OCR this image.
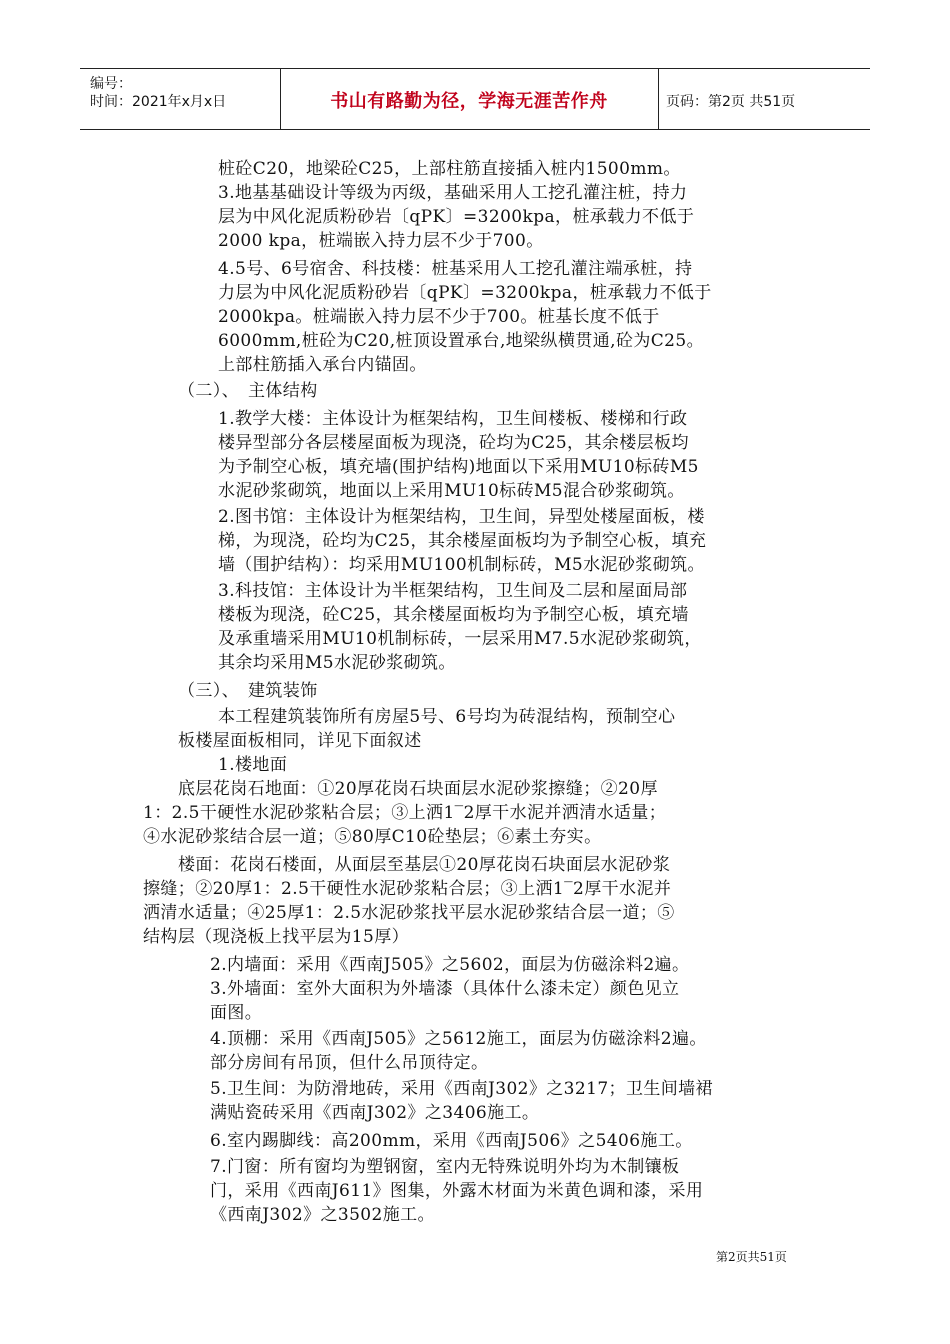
编号：
时间：2021年x月x日	书山有路勤为径，学海无涯苦作舟	页码：第2页 共51页
桩砼C20，地梁砼C25，上部柱筋直接插入桩内1500mm。
3.地基基础设计等级为丙级，基础采用人工挖孔灌注桩，持力
层为中风化泥质粉砂岩〔qPK〕=3200kpa，桩承载力不低于
2000 kpa，桩端嵌入持力层不少于700。
4.5号、6号宿舍、科技楼：桩基采用人工挖孔灌注端承桩，持
力层为中风化泥质粉砂岩〔qPK〕=3200kpa，桩承载力不低于
2000kpa。桩端嵌入持力层不少于700。桩基长度不低于
6000mm,桩砼为C20,桩顶设置承台,地梁纵横贯通,砼为C25。
上部柱筋插入承台内锚固。
（二）、　主体结构
1.教学大楼：主体设计为框架结构，卫生间楼板、楼梯和行政
楼异型部分各层楼屋面板为现浇，砼均为C25，其余楼层板均
为予制空心板，填充墙(围护结构)地面以下采用MU10标砖M5
水泥砂浆砌筑，地面以上采用MU10标砖M5混合砂浆砌筑。
2.图书馆：主体设计为框架结构，卫生间，异型处楼屋面板，楼
梯，为现浇，砼均为C25，其余楼屋面板均为予制空心板，填充
墙（围护结构）：均采用MU100机制标砖，M5水泥砂浆砌筑。
3.科技馆：主体设计为半框架结构，卫生间及二层和屋面局部
楼板为现浇，砼C25，其余楼屋面板均为予制空心板，填充墙
及承重墙采用MU10机制标砖，一层采用M7.5水泥砂浆砌筑，
其余均采用M5水泥砂浆砌筑。
（三）、　建筑装饰
本工程建筑装饰所有房屋5号、6号均为砖混结构，预制空心
板楼屋面板相同，详见下面叙述
1.楼地面
底层花岗石地面：①20厚花岗石块面层水泥砂浆擦缝；②20厚
1：2.5干硬性水泥砂浆粘合层；③上洒1‾2厚干水泥并洒清水适量；
④水泥砂浆结合层一道；⑤80厚C10砼垫层；⑥素土夯实。
楼面：花岗石楼面，从面层至基层①20厚花岗石块面层水泥砂浆
擦缝；②20厚1：2.5干硬性水泥砂浆粘合层；③上洒1‾2厚干水泥并
洒清水适量；④25厚1：2.5水泥砂浆找平层水泥砂浆结合层一道；⑤
结构层（现浇板上找平层为15厚）
2.内墙面：采用《西南J505》之5602，面层为仿磁涂料2遍。
3.外墙面：室外大面积为外墙漆（具体什么漆未定）颜色见立
面图。
4.顶棚：采用《西南J505》之5612施工，面层为仿磁涂料2遍。
部分房间有吊顶，但什么吊顶待定。
5.卫生间：为防滑地砖，采用《西南J302》之3217；卫生间墙裙
满贴瓷砖采用《西南J302》之3406施工。
6.室内踢脚线：高200mm，采用《西南J506》之5406施工。
7.门窗：所有窗均为塑钢窗，室内无特殊说明外均为木制镶板
门，采用《西南J611》图集，外露木材面为米黄色调和漆，采用
《西南J302》之3502施工。
第2页共51页
